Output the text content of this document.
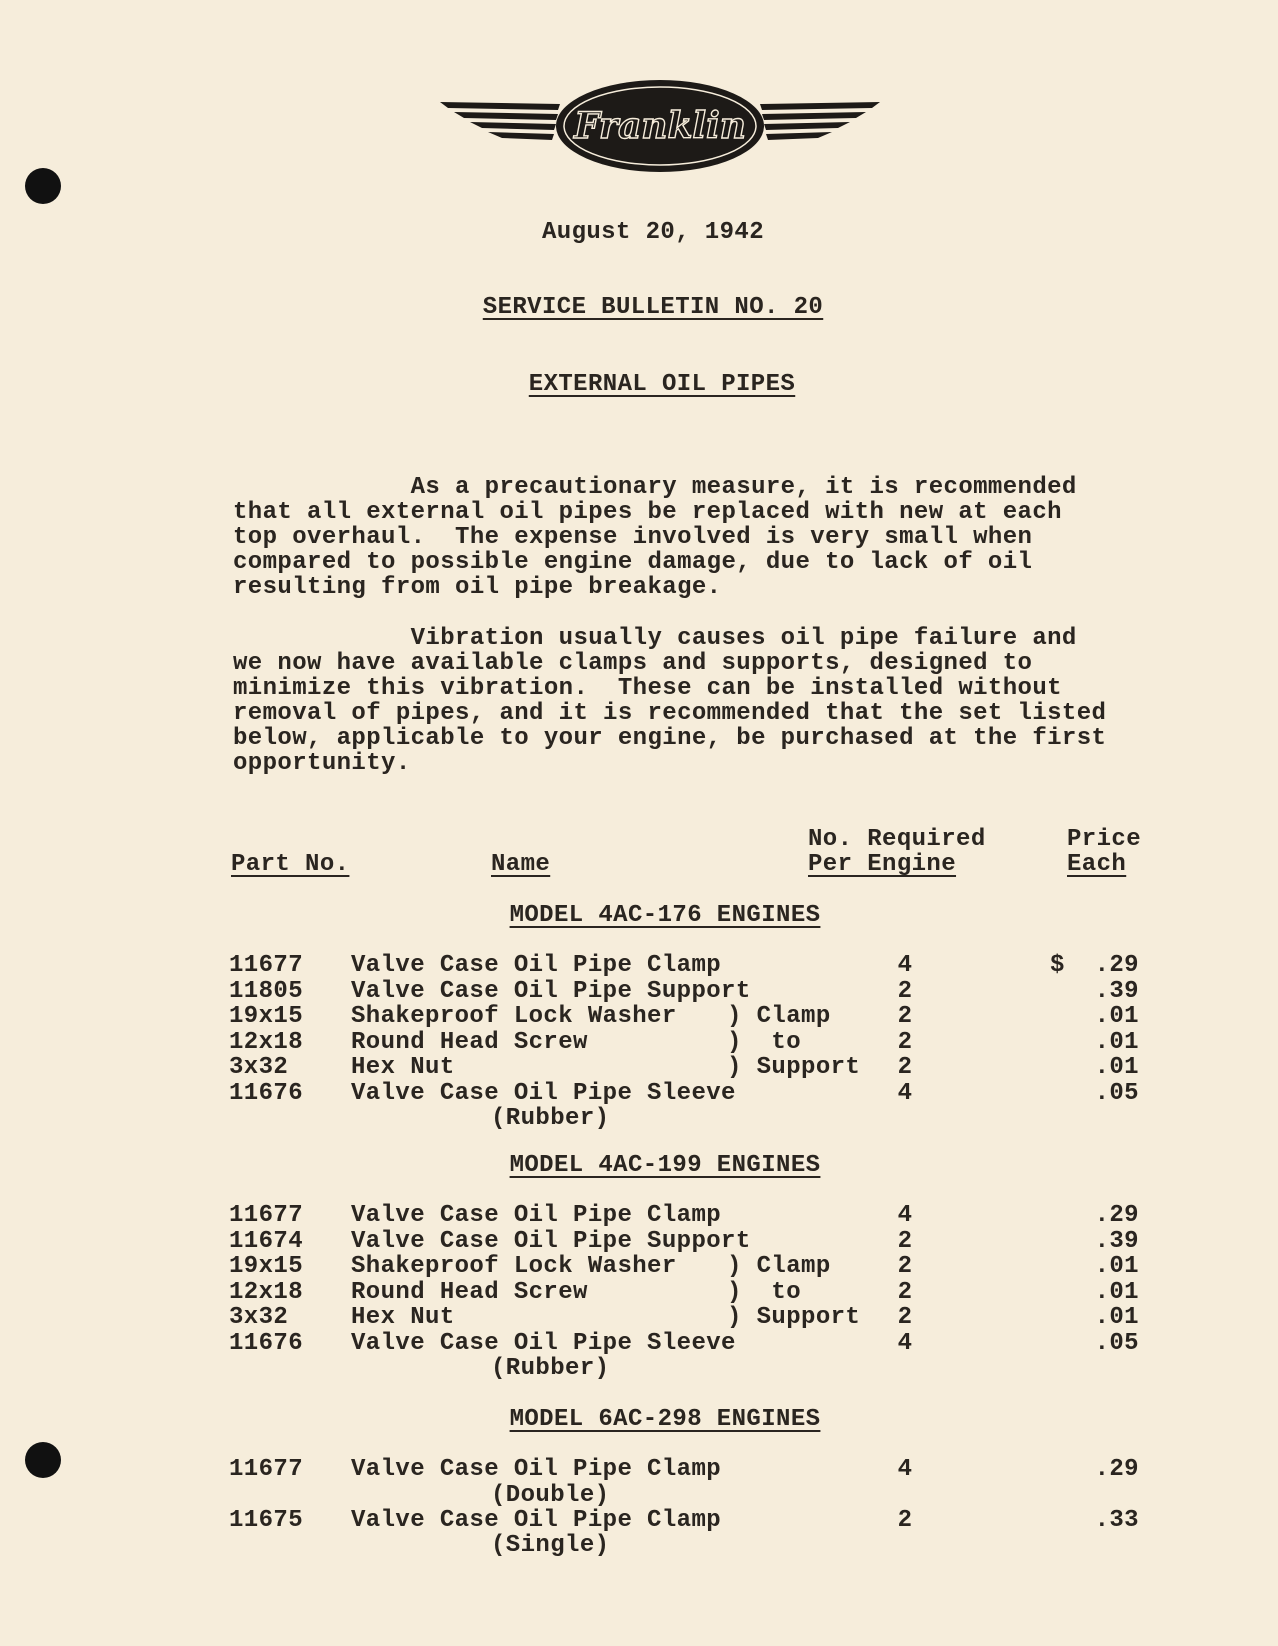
Franklin
August 20, 1942
SERVICE BULLETIN NO. 20
EXTERNAL OIL PIPES
As a precautionary measure, it is recommended
that all external oil pipes be replaced with new at each
top overhaul.  The expense involved is very small when
compared to possible engine damage, due to lack of oil
resulting from oil pipe breakage.
Vibration usually causes oil pipe failure and
we now have available clamps and supports, designed to
minimize this vibration.  These can be installed without
removal of pipes, and it is recommended that the set listed
below, applicable to your engine, be purchased at the first
opportunity.
Part No.	Name
No. Required
Per Engine
Price
Each
MODEL 4AC-176 ENGINES
11677 Valve Case Oil Pipe Clamp	4	.29
$
11805 Valve Case Oil Pipe Support	2	.39
19x15 Shakeproof Lock Washer ) Clamp	2	.01
12x18 Round Head Screw	)  to	2	.01
3x32	Hex Nut	) Support 2	.01
11676 Valve Case Oil Pipe Sleeve	4	.05
(Rubber)
MODEL 4AC-199 ENGINES
11677 Valve Case Oil Pipe Clamp	4	.29
11674 Valve Case Oil Pipe Support	2	.39
19x15 Shakeproof Lock Washer ) Clamp	2	.01
12x18 Round Head Screw	)  to	2	.01
3x32	Hex Nut	) Support 2	.01
11676 Valve Case Oil Pipe Sleeve	4	.05
(Rubber)
MODEL 6AC-298 ENGINES
11677 Valve Case Oil Pipe Clamp	4	.29
(Double)
11675 Valve Case Oil Pipe Clamp	2	.33
(Single)
